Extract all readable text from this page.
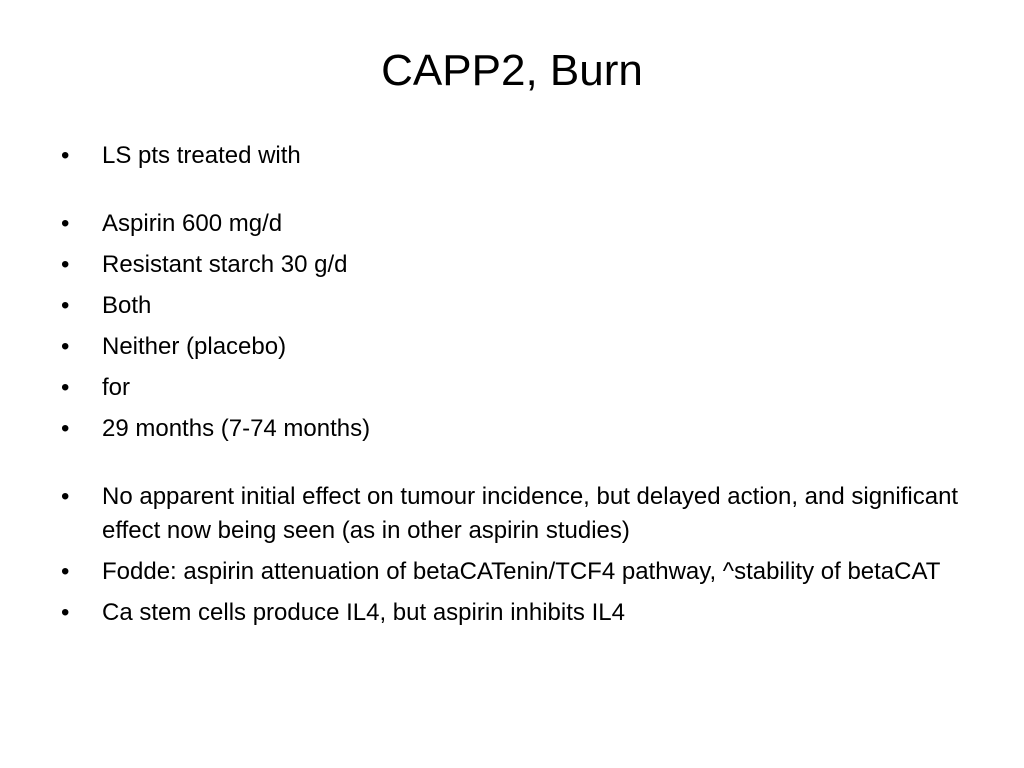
CAPP2, Burn
•	LS pts treated with
•	Aspirin 600 mg/d
•	Resistant starch 30 g/d
•	Both
•	Neither (placebo)
•	for
•	29 months (7-74 months)
•	No apparent initial effect on tumour incidence, but delayed action, and significant effect now being seen (as in other aspirin studies)
•	Fodde: aspirin attenuation of betaCATenin/TCF4 pathway, ^stability of betaCAT
•	Ca stem cells produce IL4, but aspirin inhibits IL4
